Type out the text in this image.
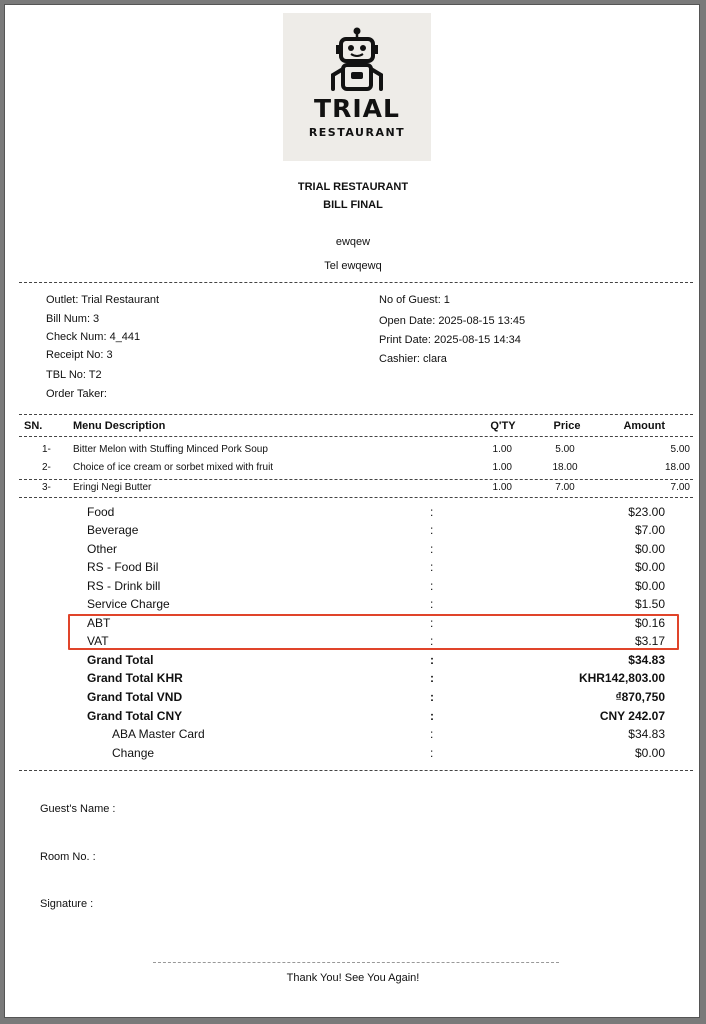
TRIAL
RESTAURANT
TRIAL RESTAURANT
BILL FINAL
ewqew
Tel ewqewq
Outlet: Trial Restaurant
Bill Num: 3
Check Num: 4_441
Receipt No: 3
TBL No: T2
Order Taker:
No of Guest: 1
Open Date: 2025-08-15 13:45
Print Date: 2025-08-15 14:34
Cashier: clara
SN.	Menu Description	Q'TY	Price	Amount
1- Bitter Melon with Stuffing Minced Pork Soup	1.00	5.00	5.00
2- Choice of ice cream or sorbet mixed with fruit	1.00	18.00	18.00
3- Eringi Negi Butter	1.00	7.00	7.00
Food	:	$23.00
Beverage	:	$7.00
Other	:	$0.00
RS - Food Bil	:	$0.00
RS - Drink bill	:	$0.00
Service Charge	:	$1.50
ABT	:	$0.16
VAT	:	$3.17
Grand Total	:	$34.83
Grand Total KHR	:	KHR142,803.00
Grand Total VND	:	₫870,750
Grand Total CNY	:	CNY 242.07
ABA Master Card	:	$34.83
Change	:	$0.00
Guest's Name :
Room No. :
Signature :
Thank You! See You Again!
